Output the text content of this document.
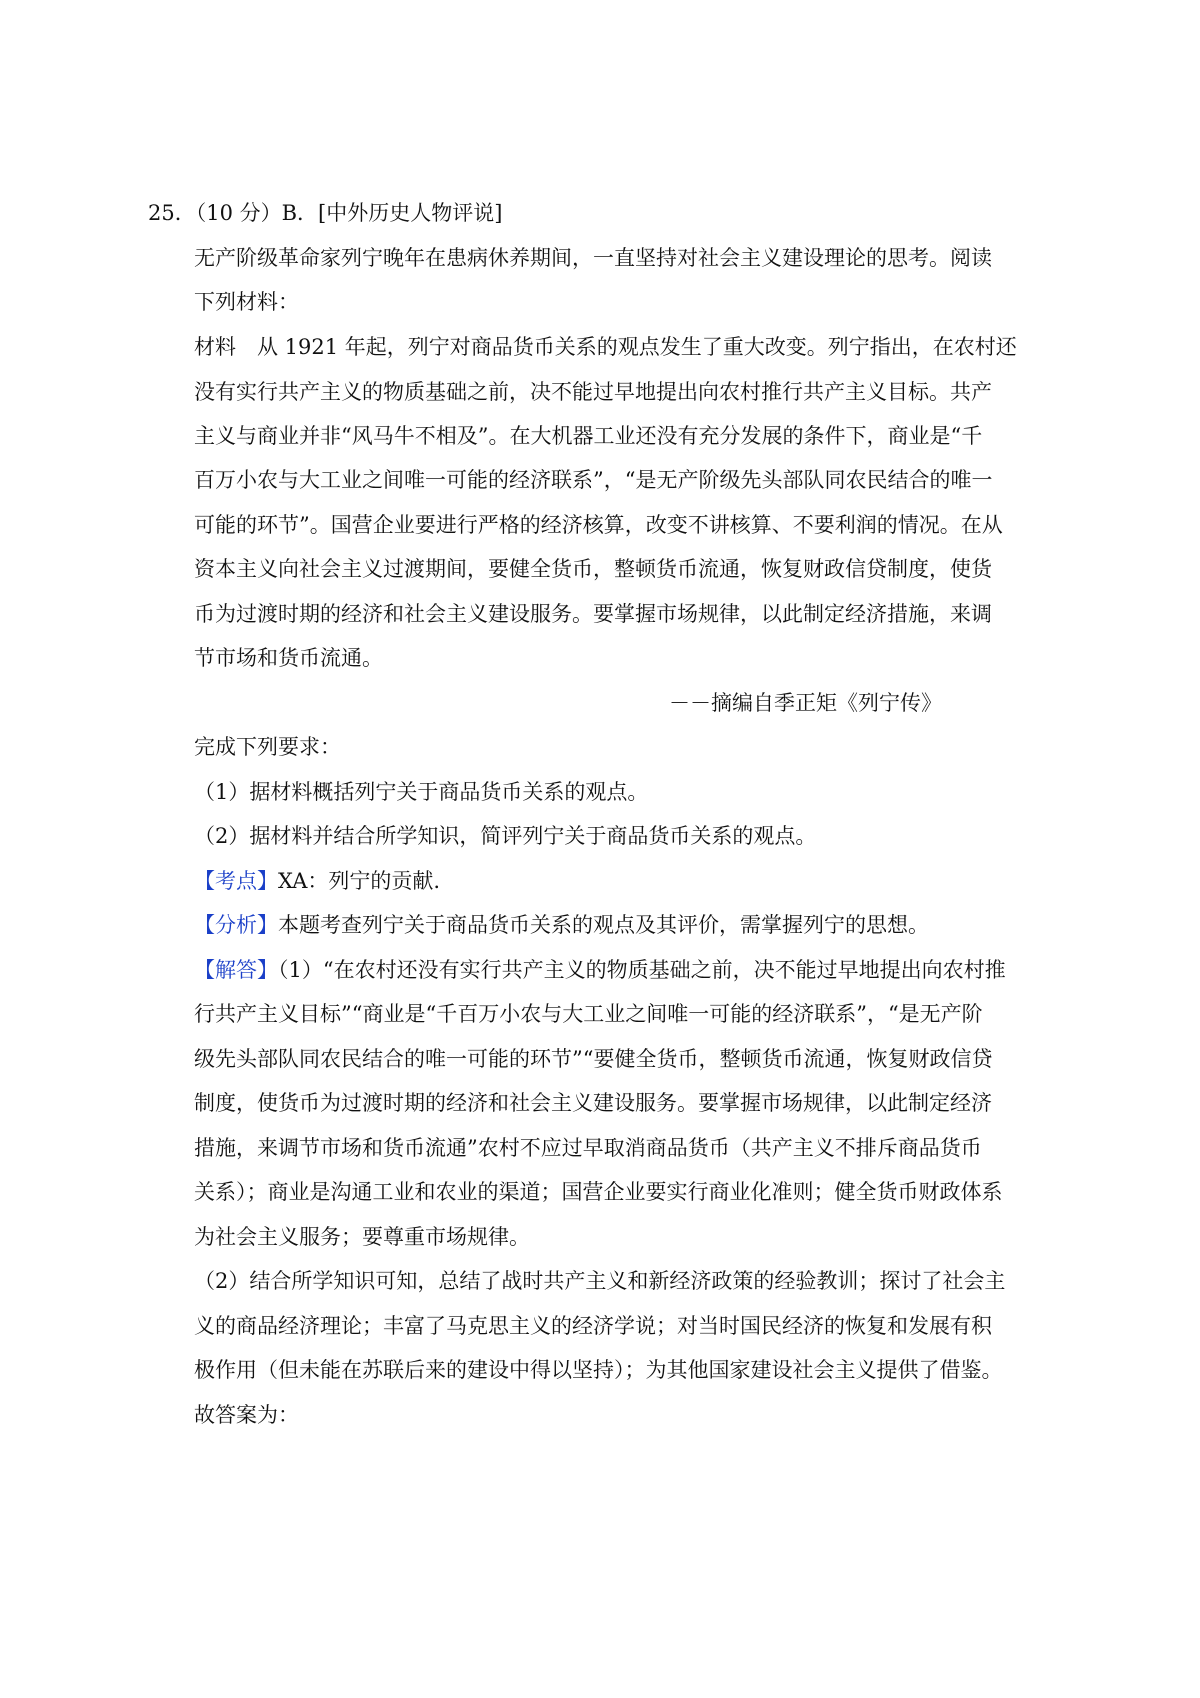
25．（10 分）B．[中外历史人物评说]
无产阶级革命家列宁晚年在患病休养期间，一直坚持对社会主义建设理论的思考。阅读
下列材料：
材料　从 1921 年起，列宁对商品货币关系的观点发生了重大改变。列宁指出，在农村还
没有实行共产主义的物质基础之前，决不能过早地提出向农村推行共产主义目标。共产
主义与商业并非“风马牛不相及”。在大机器工业还没有充分发展的条件下，商业是“千
百万小农与大工业之间唯一可能的经济联系”，“是无产阶级先头部队同农民结合的唯一
可能的环节”。国营企业要进行严格的经济核算，改变不讲核算、不要利润的情况。在从
资本主义向社会主义过渡期间，要健全货币，整顿货币流通，恢复财政信贷制度，使货
币为过渡时期的经济和社会主义建设服务。要掌握市场规律，以此制定经济措施，来调
节市场和货币流通。
－－摘编自季正矩《列宁传》
完成下列要求：
（1）据材料概括列宁关于商品货币关系的观点。
（2）据材料并结合所学知识，简评列宁关于商品货币关系的观点。
【考点】XA：列宁的贡献.
【分析】本题考查列宁关于商品货币关系的观点及其评价，需掌握列宁的思想。
【解答】（1）“在农村还没有实行共产主义的物质基础之前，决不能过早地提出向农村推
行共产主义目标”“商业是“千百万小农与大工业之间唯一可能的经济联系”，“是无产阶
级先头部队同农民结合的唯一可能的环节”“要健全货币，整顿货币流通，恢复财政信贷
制度，使货币为过渡时期的经济和社会主义建设服务。要掌握市场规律，以此制定经济
措施，来调节市场和货币流通”农村不应过早取消商品货币（共产主义不排斥商品货币
关系）；商业是沟通工业和农业的渠道；国营企业要实行商业化准则；健全货币财政体系
为社会主义服务；要尊重市场规律。
（2）结合所学知识可知，总结了战时共产主义和新经济政策的经验教训；探讨了社会主
义的商品经济理论；丰富了马克思主义的经济学说；对当时国民经济的恢复和发展有积
极作用（但未能在苏联后来的建设中得以坚持）；为其他国家建设社会主义提供了借鉴。
故答案为：
